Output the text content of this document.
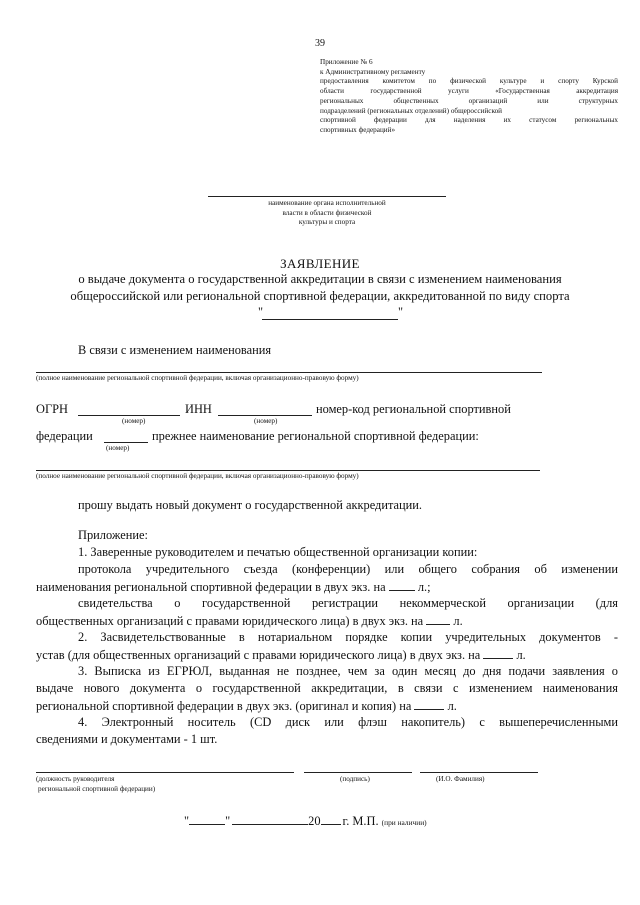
39
Приложение № 6
к Административному регламенту
предоставления комитетом по физической культуре и спорту Курской
области государственной услуги «Государственная аккредитация
региональных общественных организаций или структурных
подразделений (региональных отделений) общероссийской
спортивной федерации для наделения их статусом региональных
спортивных федераций»
наименование органа исполнительной
власти в области физической
культуры и спорта
ЗАЯВЛЕНИЕ
о выдаче документа о государственной аккредитации в связи с изменением наименования
общероссийской или региональной спортивной федерации, аккредитованной по виду спорта
"	"
В связи с изменением наименования
(полное наименование региональной спортивной федерации, включая организационно-правовую форму)
ОГРН	ИНН	номер-код региональной спортивной
(номер)	(номер)
федерации	прежнее наименование региональной спортивной федерации:
(номер)
(полное наименование региональной спортивной федерации, включая организационно-правовую форму)
прошу выдать новый документ о государственной аккредитации.
Приложение:
1. Заверенные руководителем и печатью общественной организации копии:
протокола учредительного съезда (конференции) или общего собрания об изменении
наименования региональной спортивной федерации в двух экз. на	л.;
свидетельства о государственной регистрации некоммерческой организации (для
общественных организаций с правами юридического лица) в двух экз. на л.
2. Засвидетельствованные в нотариальном порядке копии учредительных документов -
устав (для общественных организаций с правами юридического лица) в двух экз. на	л.
3. Выписка из ЕГРЮЛ, выданная не позднее, чем за один месяц до дня подачи заявления о
выдаче нового документа о государственной аккредитации, в связи с изменением наименования
региональной спортивной федерации в двух экз. (оригинал и копия) на	л.
4. Электронный носитель (CD диск или флэш накопитель) с вышеперечисленными
сведениями и документами - 1 шт.
(должность руководителя
региональной спортивной федерации)
(подпись)	(И.О. Фамилия)
"	"	20 г. М.П. (при наличии)
